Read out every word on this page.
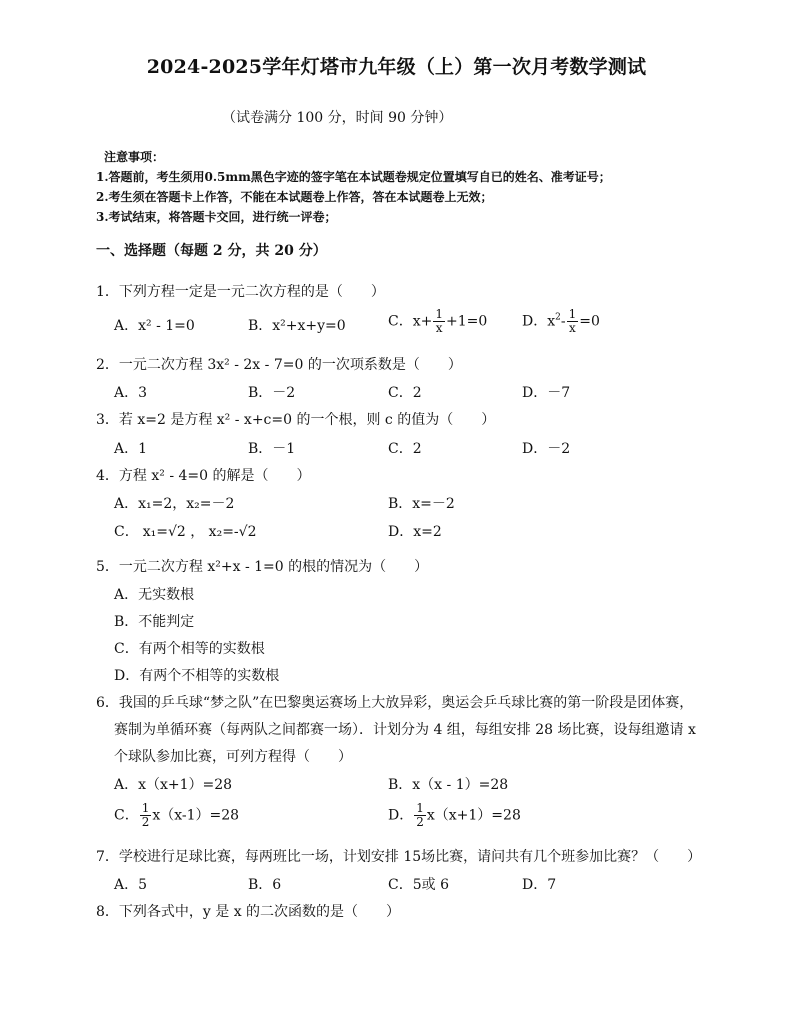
2024-2025学年灯塔市九年级（上）第一次月考数学测试
（试卷满分 100 分，时间 90 分钟）
注意事项：
1.答题前，考生须用0.5mm黑色字迹的签字笔在本试题卷规定位置填写自已的姓名、准考证号；
2.考生须在答题卡上作答，不能在本试题卷上作答，答在本试题卷上无效；
3.考试结束，将答题卡交回，进行统一评卷；
一、选择题（每题 2 分，共 20 分）
1．下列方程一定是一元二次方程的是（　　）
A．x² - 1=0	B．x²+x+y=0	C．$x+ \frac{1}{x} +1=0$ D．$x^2- \frac{1}{x} =0$
2．一元二次方程 3x² - 2x - 7=0 的一次项系数是（　　）
A．3	B．－2	C．2	D．－7
3．若 x=2 是方程 x² - x+c=0 的一个根，则 c 的值为（　　）
A．1	B．－1	C．2	D．－2
4．方程 x² - 4=0 的解是（　　）
A．x₁=2，x₂=－2	B．x=－2
C． x₁=√2 ， x₂=-√2	D．x=2
5．一元二次方程 x²+x - 1=0 的根的情况为（　　）
A．无实数根
B．不能判定
C．有两个相等的实数根
D．有两个不相等的实数根
6．我国的乒乓球“梦之队”在巴黎奥运赛场上大放异彩，奥运会乒乓球比赛的第一阶段是团体赛，
赛制为单循环赛（每两队之间都赛一场）．计划分为 4 组，每组安排 28 场比赛，设每组邀请 x
个球队参加比赛，可列方程得（　　）
A．x（x+1）=28	B．x（x - 1）=28
C． $\frac{1}{2} x(x-1)=28$	D． $\frac{1}{2} x(x+1)=28$
7．学校进行足球比赛，每两班比一场，计划安排 15场比赛，请问共有几个班参加比赛？（　　）
A．5	B．6	C．5或 6	D．7
8．下列各式中，y 是 x 的二次函数的是（　　）
